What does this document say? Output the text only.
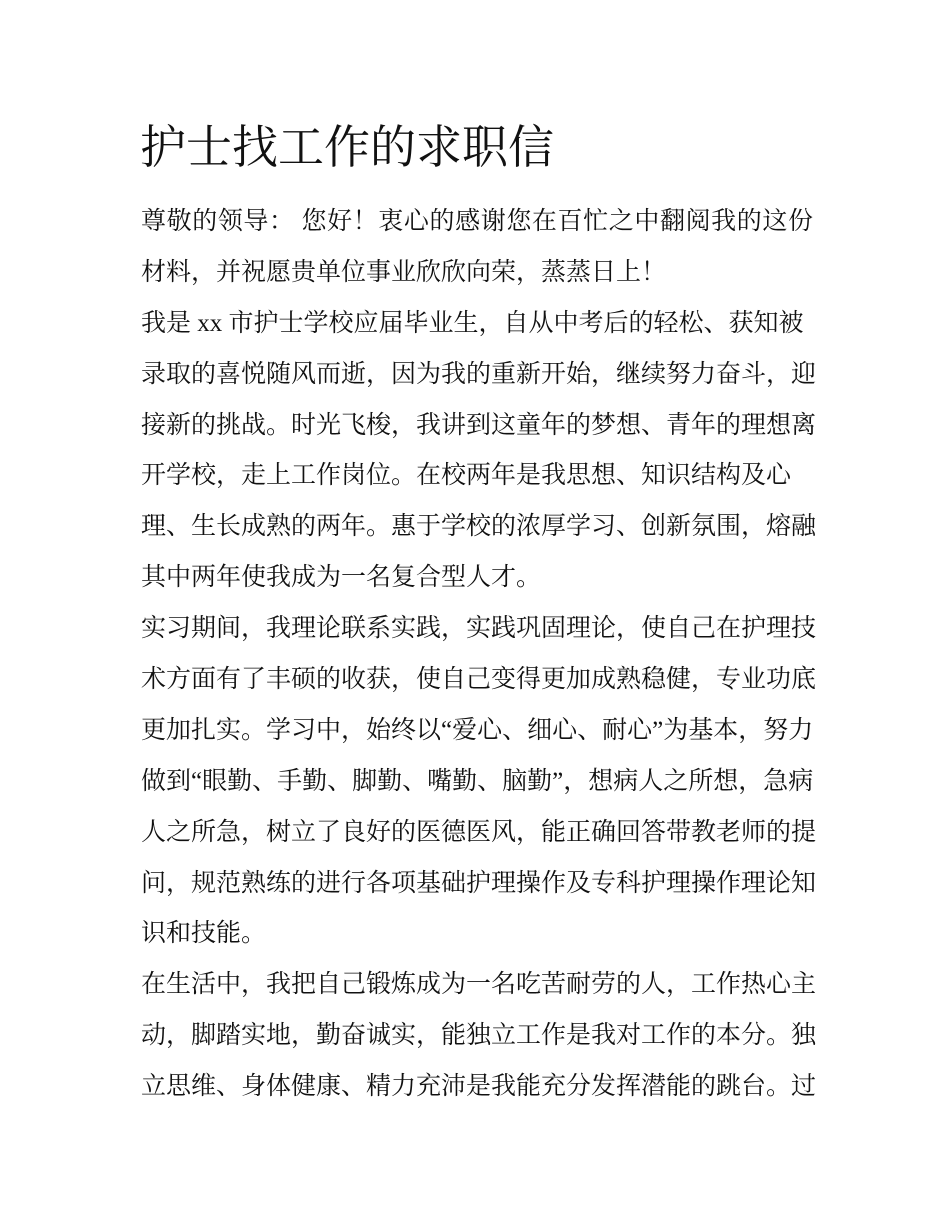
护士找工作的求职信
尊敬的领导： 您好！衷心的感谢您在百忙之中翻阅我的这份
材料，并祝愿贵单位事业欣欣向荣，蒸蒸日上！
我是 xx 市护士学校应届毕业生，自从中考后的轻松、获知被
录取的喜悦随风而逝，因为我的重新开始，继续努力奋斗，迎
接新的挑战。时光飞梭，我讲到这童年的梦想、青年的理想离
开学校，走上工作岗位。在校两年是我思想、知识结构及心
理、生长成熟的两年。惠于学校的浓厚学习、创新氛围，熔融
其中两年使我成为一名复合型人才。
实习期间，我理论联系实践，实践巩固理论，使自己在护理技
术方面有了丰硕的收获，使自己变得更加成熟稳健，专业功底
更加扎实。学习中，始终以“爱心、细心、耐心”为基本，努力
做到“眼勤、手勤、脚勤、嘴勤、脑勤”，想病人之所想，急病
人之所急，树立了良好的医德医风，能正确回答带教老师的提
问，规范熟练的进行各项基础护理操作及专科护理操作理论知
识和技能。
在生活中，我把自己锻炼成为一名吃苦耐劳的人，工作热心主
动，脚踏实地，勤奋诚实，能独立工作是我对工作的本分。独
立思维、身体健康、精力充沛是我能充分发挥潜能的跳台。过
